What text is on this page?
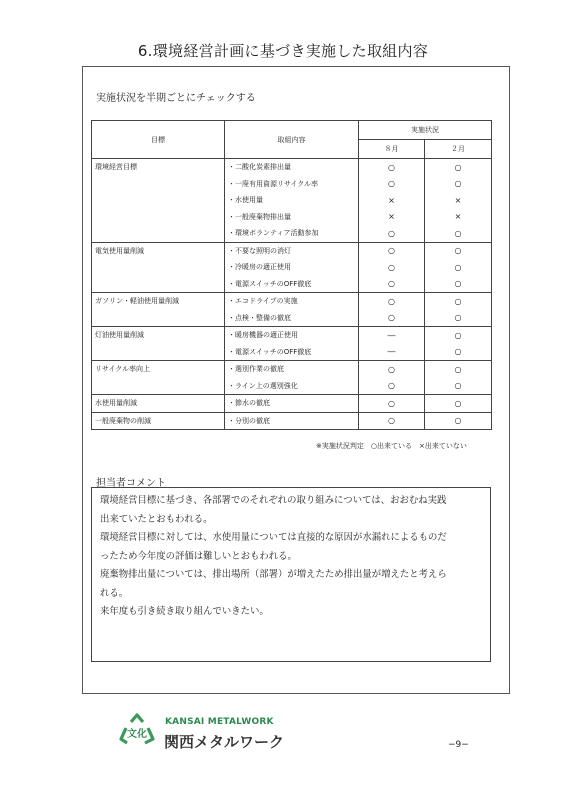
6.環境経営計画に基づき実施した取組内容
実施状況を半期ごとにチェックする
目標	取組内容	実施状況	
		８月	２月
環境経営目標	・二酸化炭素排出量	○	○
	・一廃有用資源リサイクル率	○	○
	・水使用量	×	×
	・一般廃棄物排出量	×	×
	・環境ボランティア活動参加	○	○
電気使用量削減	・不要な照明の消灯	○	○
	・冷暖房の適正使用	○	○
	・電源スイッチのOFF徹底	○	○
ガソリン・軽油使用量削減	・エコドライブの実施	○	○
	・点検・整備の徹底	○	○
灯油使用量削減	・暖房機器の適正使用	―	○
	・電源スイッチのOFF徹底	―	○
リサイクル率向上	・選別作業の徹底	○	○
	・ライン上の選別強化	○	○
水使用量削減	・節水の徹底	○	○
一般廃棄物の削減	・分別の徹底	○	○
※実施状況判定　○出来ている　×出来ていない
担当者コメント

環境経営目標に基づき、各部署でのそれぞれの取り組みについては、おおむね実践

出来ていたとおもわれる。

環境経営目標に対しては、水使用量については直接的な原因が水漏れによるものだ

ったため今年度の評価は難しいとおもわれる。

廃棄物排出量については、排出場所（部署）が増えたため排出量が増えたと考えら

れる。

来年度も引き続き取り組んでいきたい。

文化
KANSAI METALWORK
関西メタルワーク	−9−
